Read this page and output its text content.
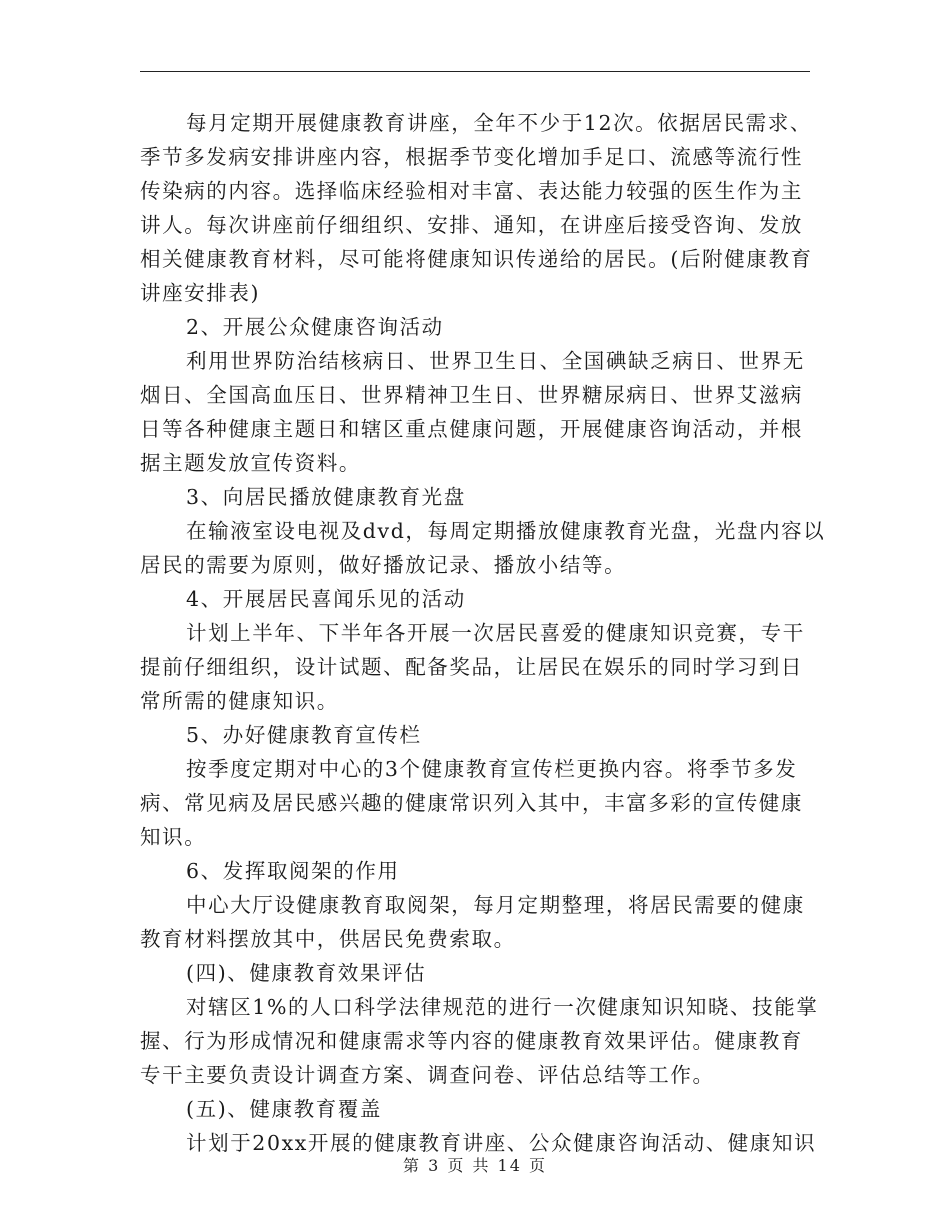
每月定期开展健康教育讲座，全年不少于12次。依据居民需求、
季节多发病安排讲座内容，根据季节变化增加手足口、流感等流行性
传染病的内容。选择临床经验相对丰富、表达能力较强的医生作为主
讲人。每次讲座前仔细组织、安排、通知，在讲座后接受咨询、发放
相关健康教育材料，尽可能将健康知识传递给的居民。(后附健康教育
讲座安排表)
2、开展公众健康咨询活动
利用世界防治结核病日、世界卫生日、全国碘缺乏病日、世界无
烟日、全国高血压日、世界精神卫生日、世界糖尿病日、世界艾滋病
日等各种健康主题日和辖区重点健康问题，开展健康咨询活动，并根
据主题发放宣传资料。
3、向居民播放健康教育光盘
在输液室设电视及dvd，每周定期播放健康教育光盘，光盘内容以
居民的需要为原则，做好播放记录、播放小结等。
4、开展居民喜闻乐见的活动
计划上半年、下半年各开展一次居民喜爱的健康知识竞赛，专干
提前仔细组织，设计试题、配备奖品，让居民在娱乐的同时学习到日
常所需的健康知识。
5、办好健康教育宣传栏
按季度定期对中心的3个健康教育宣传栏更换内容。将季节多发
病、常见病及居民感兴趣的健康常识列入其中，丰富多彩的宣传健康
知识。
6、发挥取阅架的作用
中心大厅设健康教育取阅架，每月定期整理，将居民需要的健康
教育材料摆放其中，供居民免费索取。
(四)、健康教育效果评估
对辖区1%的人口科学法律规范的进行一次健康知识知晓、技能掌
握、行为形成情况和健康需求等内容的健康教育效果评估。健康教育
专干主要负责设计调查方案、调查问卷、评估总结等工作。
(五)、健康教育覆盖
计划于20xx开展的健康教育讲座、公众健康咨询活动、健康知识
第 3 页 共 14 页
